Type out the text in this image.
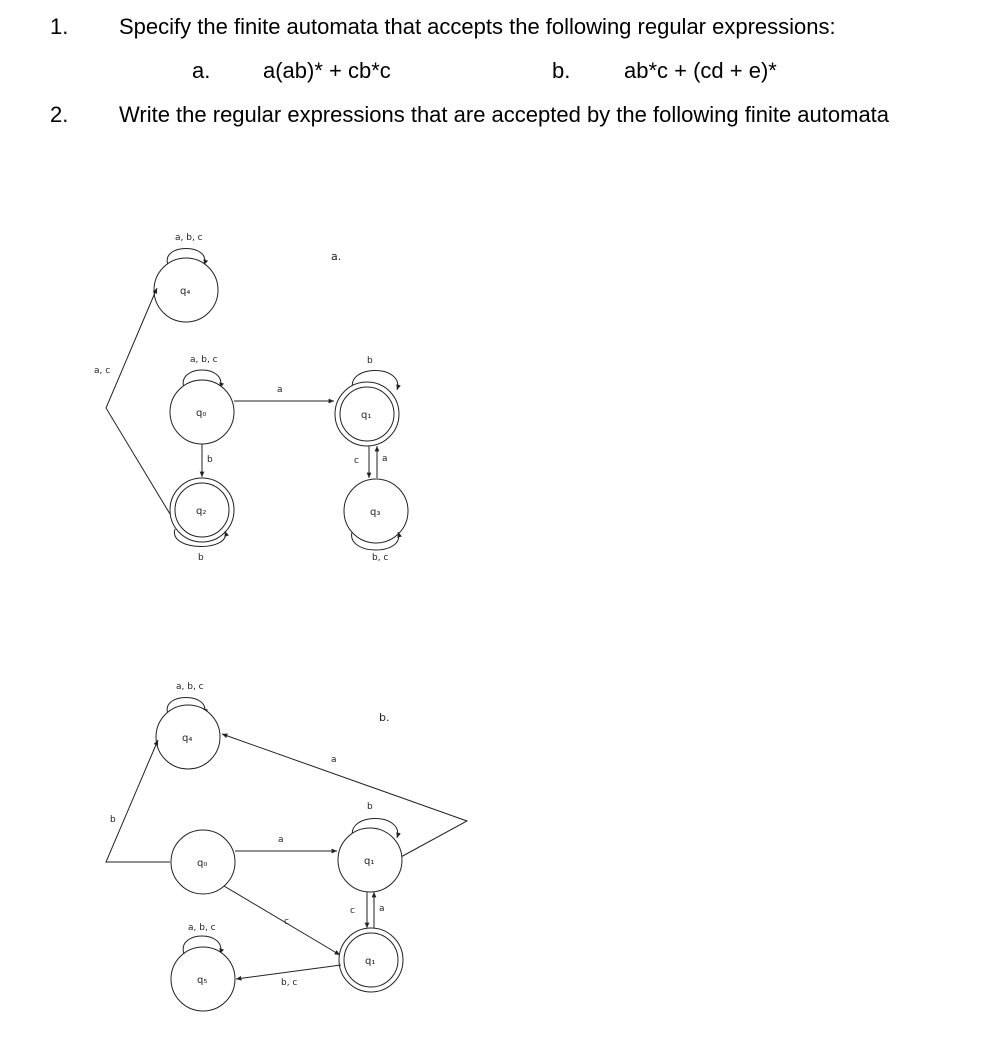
1. Specify the finite automata that accepts the following regular expressions:
a. a(ab)* + cb*c	b. ab*c + (cd + e)*
2. Write the regular expressions that are accepted by the following finite automata
a.
a, b, c
q₄
a, c
a, b, c
q₀
a
b
q₂
b
b
q₁
c	a
q₃
b, c
b.
a, b, c
q₄
b
a
q₀
a
b
q₁
c	a
c
q₁
b, c
a, b, c
q₅
